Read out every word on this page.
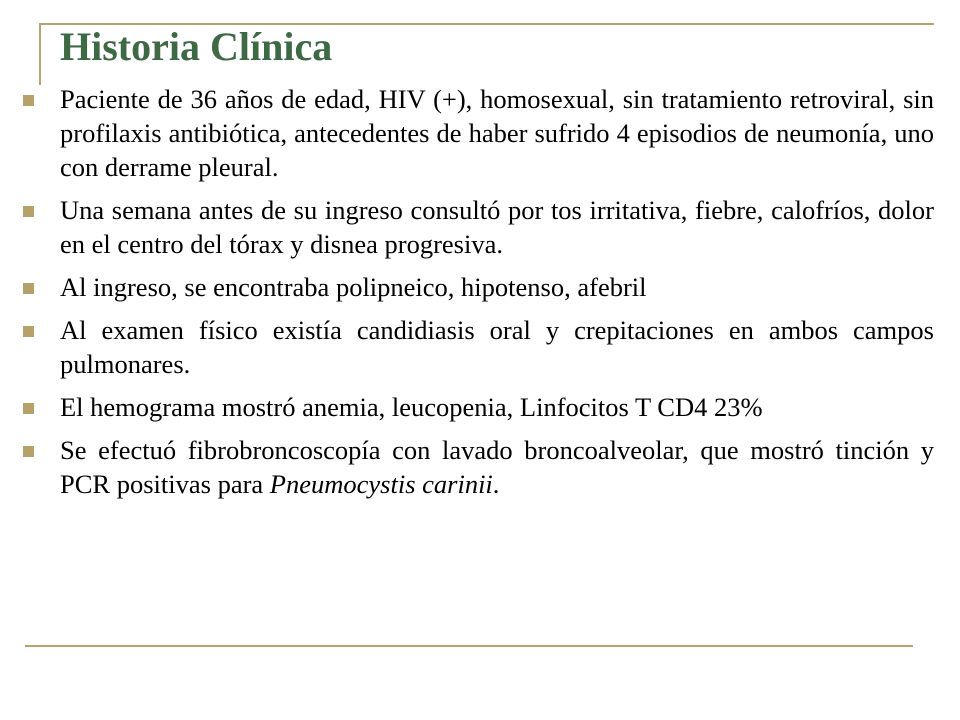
Historia Clínica
Paciente de 36 años de edad, HIV (+), homosexual, sin tratamiento retroviral, sin profilaxis antibiótica, antecedentes de haber sufrido 4 episodios de neumonía, uno con derrame pleural.
Una semana antes de su ingreso consultó por tos irritativa, fiebre, calofríos, dolor en el centro del tórax y disnea progresiva.
Al ingreso, se encontraba polipneico, hipotenso, afebril
Al examen físico existía candidiasis oral y crepitaciones en ambos campos pulmonares.
El hemograma mostró anemia, leucopenia, Linfocitos T CD4 23%
Se efectuó fibrobroncoscopía con lavado broncoalveolar, que mostró tinción y PCR positivas para Pneumocystis carinii.
